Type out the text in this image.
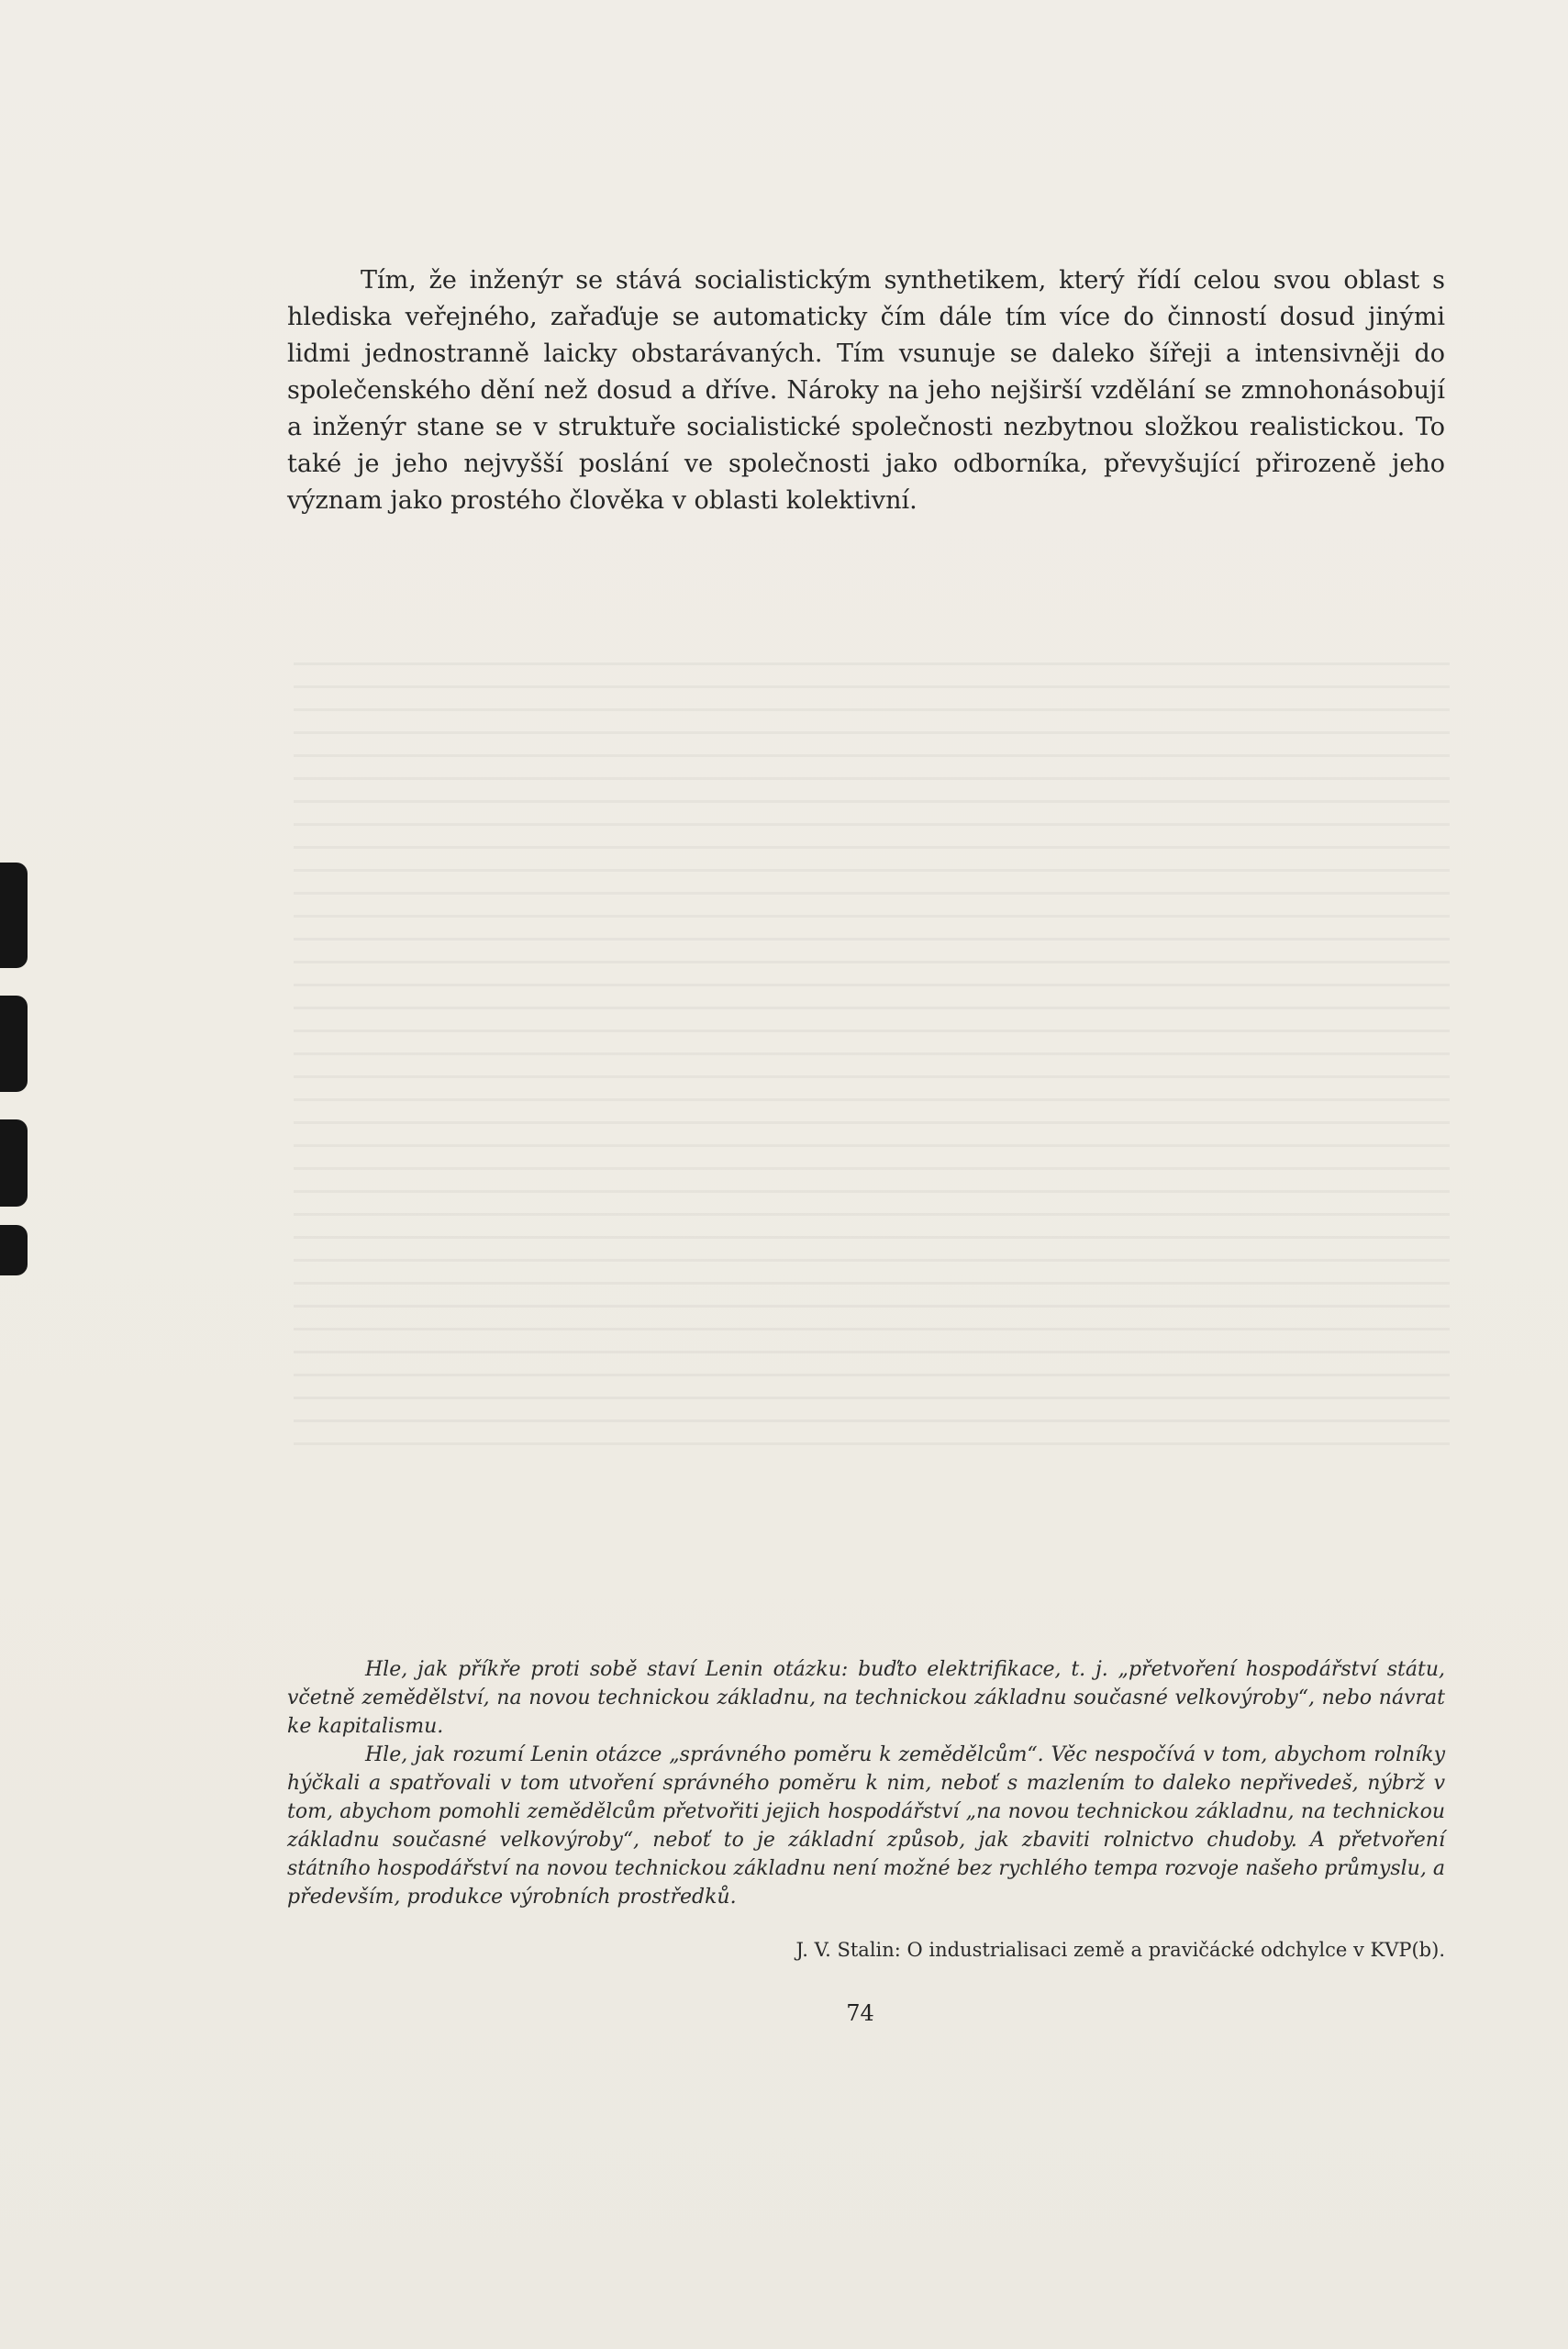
Tím, že inženýr se stává socialistickým synthetikem, který řídí celou svou oblast s hlediska veřejného, zařaďuje se automaticky čím dále tím více do činností dosud jinými lidmi jednostranně laicky obstarávaných. Tím vsunuje se daleko šířeji a intensivněji do společenského dění než dosud a dříve. Nároky na jeho nejširší vzdělání se zmnohonásobují a inženýr stane se v struktuře socialistické společnosti nezbytnou složkou realistickou. To také je jeho nejvyšší poslání ve společnosti jako odborníka, převyšující přirozeně jeho význam jako prostého člověka v oblasti kolektivní.

Hle, jak příkře proti sobě staví Lenin otázku: buďto elektrifikace, t. j. „přetvoření hospodářství státu, včetně zemědělství, na novou technickou základnu, na technickou základnu současné velkovýroby“, nebo návrat ke kapitalismu.

Hle, jak rozumí Lenin otázce „správného poměru k zemědělcům“. Věc nespočívá v tom, abychom rolníky hýčkali a spatřovali v tom utvoření správného poměru k nim, neboť s mazlením to daleko nepřivedeš, nýbrž v tom, abychom pomohli zemědělcům přetvořiti jejich hospodářství „na novou technickou základnu, na technickou základnu současné velkovýroby“, neboť to je základní způsob, jak zbaviti rolnictvo chudoby. A přetvoření státního hospodářství na novou technickou základnu není možné bez rychlého tempa rozvoje našeho průmyslu, a především, produkce výrobních prostředků.

J. V. Stalin: O industrialisaci země a pravičácké odchylce v KVP(b).
74
